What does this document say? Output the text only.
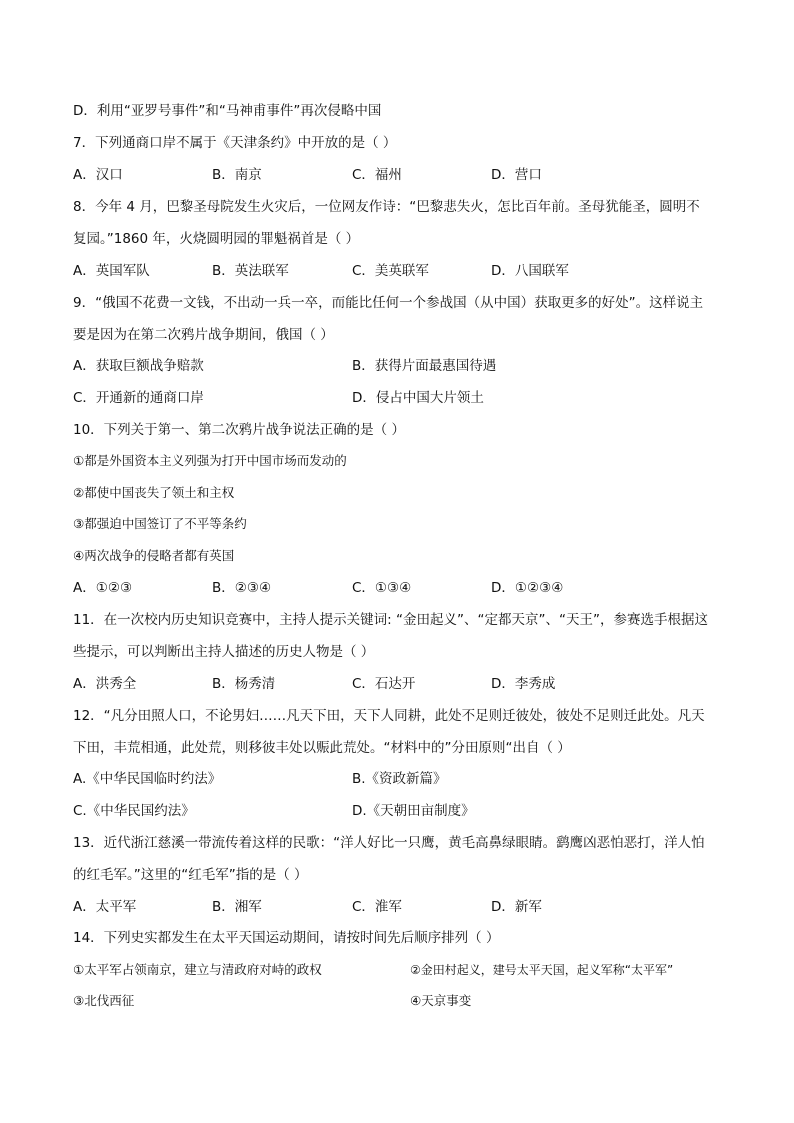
D．利用“亚罗号事件”和“马神甫事件”再次侵略中国
7．下列通商口岸不属于《天津条约》中开放的是（ ）
A．汉口	B．南京	C．福州	D．营口
8．今年 4 月，巴黎圣母院发生火灾后，一位网友作诗：“巴黎悲失火，怎比百年前。圣母犹能圣，圆明不
复园。”1860 年，火烧圆明园的罪魁祸首是（ ）
A．英国军队	B．英法联军	C．美英联军	D．八国联军
9．“俄国不花费一文钱，不出动一兵一卒，而能比任何一个参战国（从中国）获取更多的好处”。这样说主
要是因为在第二次鸦片战争期间，俄国（ ）
A．获取巨额战争赔款	B．获得片面最惠国待遇
C．开通新的通商口岸	D．侵占中国大片领土
10．下列关于第一、第二次鸦片战争说法正确的是（ ）
①都是外国资本主义列强为打开中国市场而发动的
②都使中国丧失了领土和主权
③都强迫中国签订了不平等条约
④两次战争的侵略者都有英国
A．①②③	B．②③④	C．①③④	D．①②③④
11．在一次校内历史知识竞赛中，主持人提示关键词: “金田起义”、“定都天京”、“天王”，参赛选手根据这
些提示，可以判断出主持人描述的历史人物是（ ）
A．洪秀全	B．杨秀清	C．石达开	D．李秀成
12．“凡分田照人口，不论男妇……凡天下田，天下人同耕，此处不足则迁彼处，彼处不足则迁此处。凡天
下田，丰荒相通，此处荒，则移彼丰处以赈此荒处。“材料中的”分田原则“出自（ ）
A.《中华民国临时约法》	B.《资政新篇》
C.《中华民国约法》	D.《天朝田亩制度》
13．近代浙江慈溪一带流传着这样的民歌：“洋人好比一只鹰，黄毛高鼻绿眼睛。鹞鹰凶恶怕恶打，洋人怕
的红毛军。”这里的“红毛军”指的是（ ）
A．太平军	B．湘军	C．淮军	D．新军
14．下列史实都发生在太平天国运动期间，请按时间先后顺序排列（ ）
①太平军占领南京，建立与清政府对峙的政权	②金田村起义，建号太平天国，起义军称“太平军”
③北伐西征	④天京事变
